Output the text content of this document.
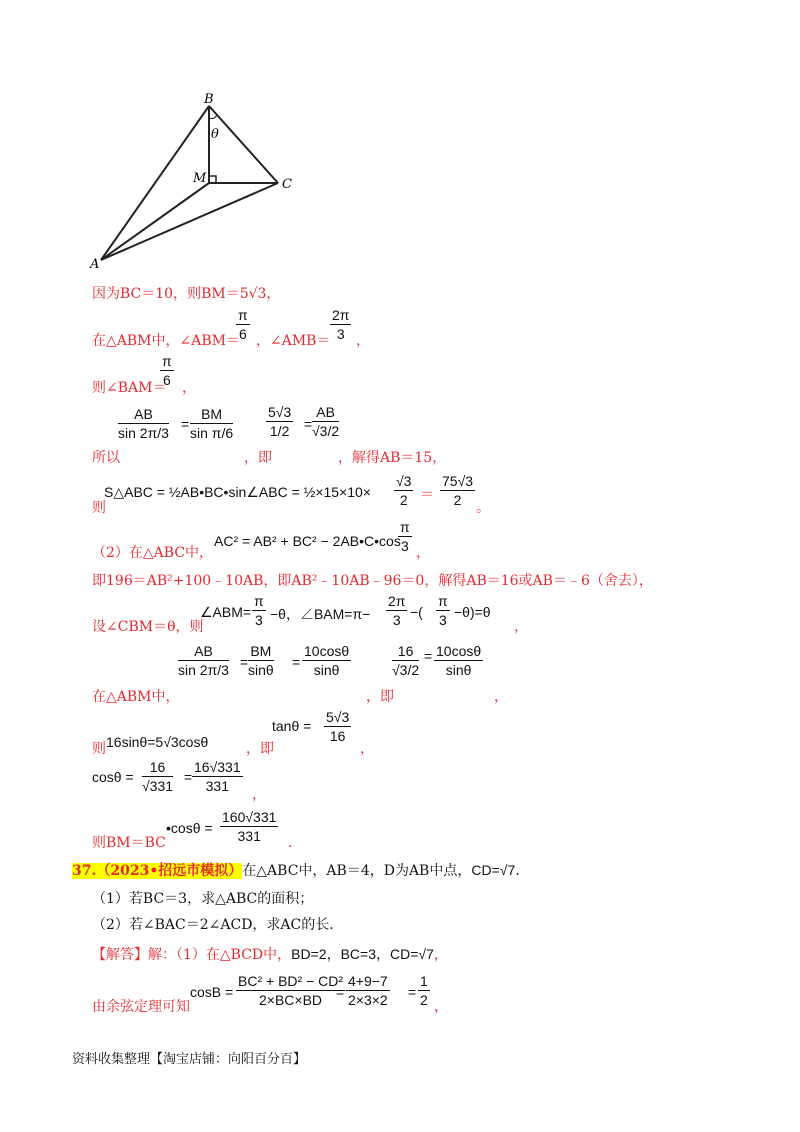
B
θ
M	C
A
因为BC＝10，则BM＝5√3，
在△ABM中，∠ABM＝
$\frac{\pi}{6}$ ，∠AMB＝ $\frac{2\pi}{3}$ ，
则∠BAM＝
$\frac{\pi}{6}$ ，
$\frac{AB}{\sin 2\pi/3} = \frac{BM}{\text{sin π/6}}$
所以	，即
$\frac{5√3}{1/2} = \frac{AB}{√3/2}$
，解得AB＝15，
则
S△ABC = ½AB•BC•sin∠ABC = ½×15×10× $\frac{√3}{2} = \frac{75√3}{2}$ 。
（2）在△ABC中，
AC² = AB² + BC² − 2AB•C•cos
$\frac{\pi}{3}$ ，
即196＝AB²+100﹣10AB，即AB²﹣10AB﹣96＝0，解得AB＝16或AB＝﹣6（舍去），
设∠CBM＝θ，则
∠ABM= $\frac{\pi}{3} -\theta$，∠BAM=π− $\frac{2\pi}{3}$ −( $\frac{\pi}{3} -\theta)=\theta$
，
$\frac{AB}{\sin 2\pi/3} = \frac{BM}{\sin\theta} = \frac{10\cos\theta}{\sin\theta}$
在△ABM中，	，即
$\frac{16}{√3/2} = \frac{10\cos\theta}{\sin\theta}$
，
则 16sinθ=5√3cosθ	，即
$\tan\theta = \frac{5√3}{16}$
，
$\cos\theta = \frac{16}{√331} = \frac{16√331}{331}$ ，
则BM＝BC
•cosθ = $\frac{160√331}{331}$ ．
37.（2023•招远市模拟）在△ABC中，AB＝4，D为AB中点，CD=√7.
（1）若BC＝3，求△ABC的面积；
（2）若∠BAC＝2∠ACD，求AC的长．
【解答】解：（1）在△BCD中，BD=2，BC=3，CD=√7，
由余弦定理可知
$\cos B = \frac{\text{BC² + BD² − CD²}}{2\times BC\times BD}$
= $\frac{4+9-7}{2\times 3\times 2} = \frac{1}{2}$ ，
资料收集整理【淘宝店铺：向阳百分百】
